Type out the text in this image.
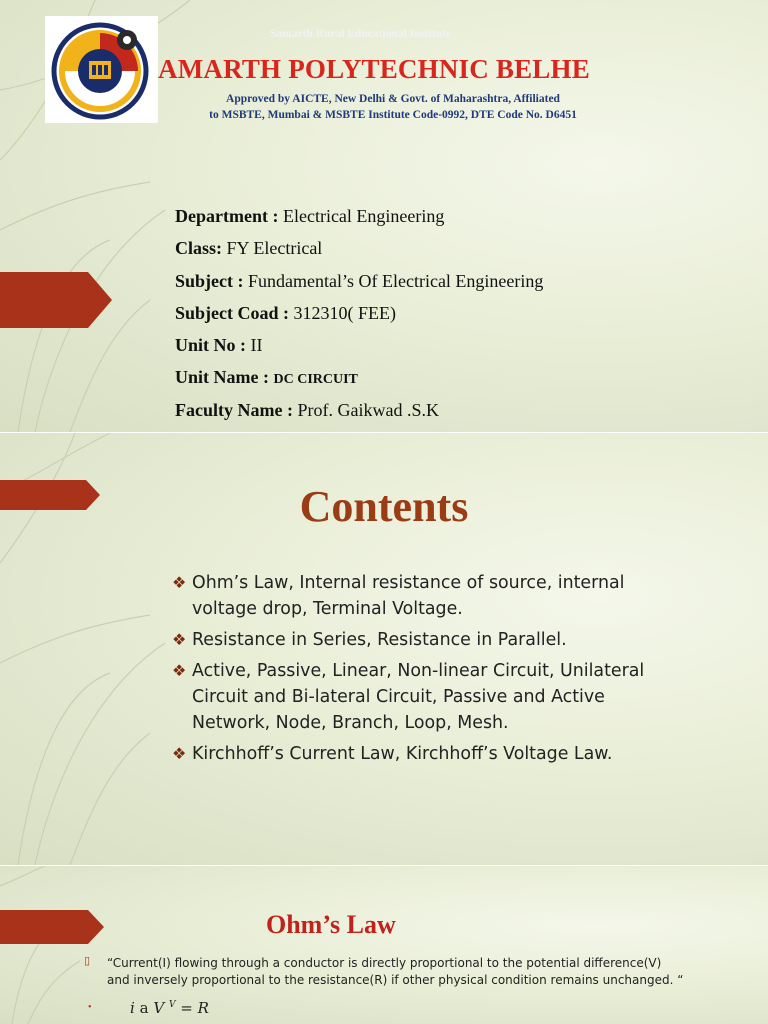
Samarth Rural Educational Institute
AMARTH POLYTECHNIC BELHE
Approved by AICTE, New Delhi & Govt. of Maharashtra, Affiliated
to MSBTE, Mumbai & MSBTE Institute Code-0992, DTE Code No. D6451
Department : Electrical Engineering
Class: FY Electrical
Subject : Fundamental’s Of Electrical Engineering
Subject Coad : 312310( FEE)
Unit No : II
Unit Name : DC CIRCUIT
Faculty Name : Prof. Gaikwad .S.K
Contents
❖ Ohm’s Law, Internal resistance of source, internal voltage drop, Terminal Voltage.
❖ Resistance in Series, Resistance in Parallel.
❖ Active, Passive, Linear, Non-linear Circuit, Unilateral Circuit and Bi-lateral Circuit, Passive and Active Network, Node, Branch, Loop, Mesh.
❖ Kirchhoff’s Current Law, Kirchhoff’s Voltage Law.
Ohm’s Law
▯ “Current(I) flowing through a conductor is directly proportional to the potential difference(V) and inversely proportional to the resistance(R) if other physical condition remains unchanged. “
•	𝑖 a 𝑉 $^𝑉$ = 𝑅
